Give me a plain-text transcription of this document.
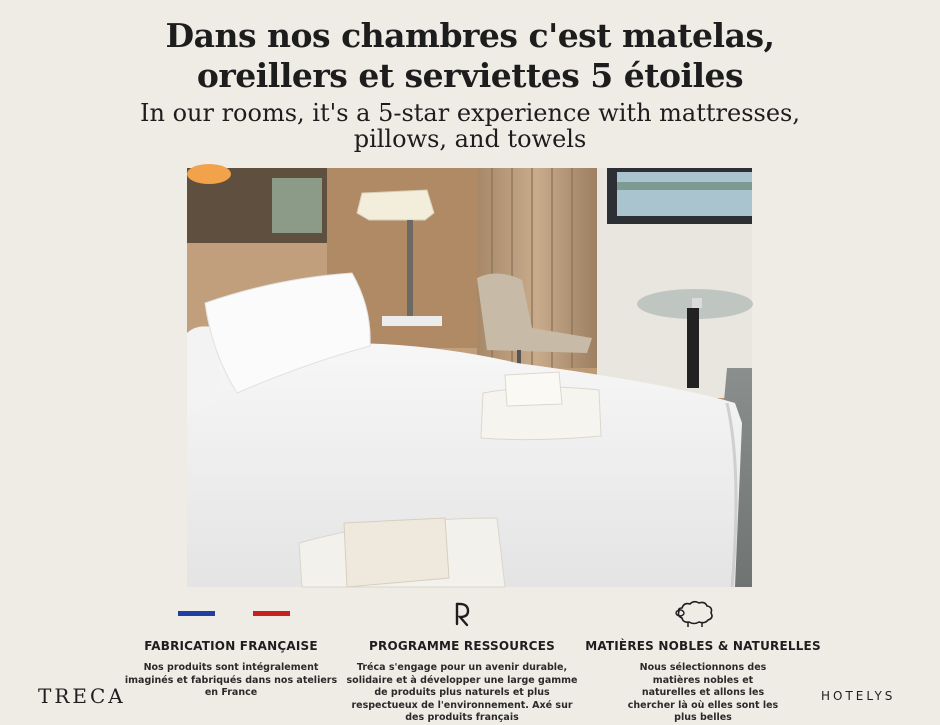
Dans nos chambres c'est matelas,
oreillers et serviettes 5 étoiles
In our rooms, it's a 5-star experience with mattresses,
pillows, and towels
FABRICATION FRANÇAISE
Nos produits sont intégralement imaginés et fabriqués dans nos ateliers en France
PROGRAMME RESSOURCES
Tréca s'engage pour un avenir durable, solidaire et à développer une large gamme de produits plus naturels et plus respectueux de l'environnement. Axé sur des produits français
MATIÈRES NOBLES & NATURELLES
Nous sélectionnons des matières nobles et naturelles et allons les chercher là où elles sont les plus belles
TRECA	HOTELYS
